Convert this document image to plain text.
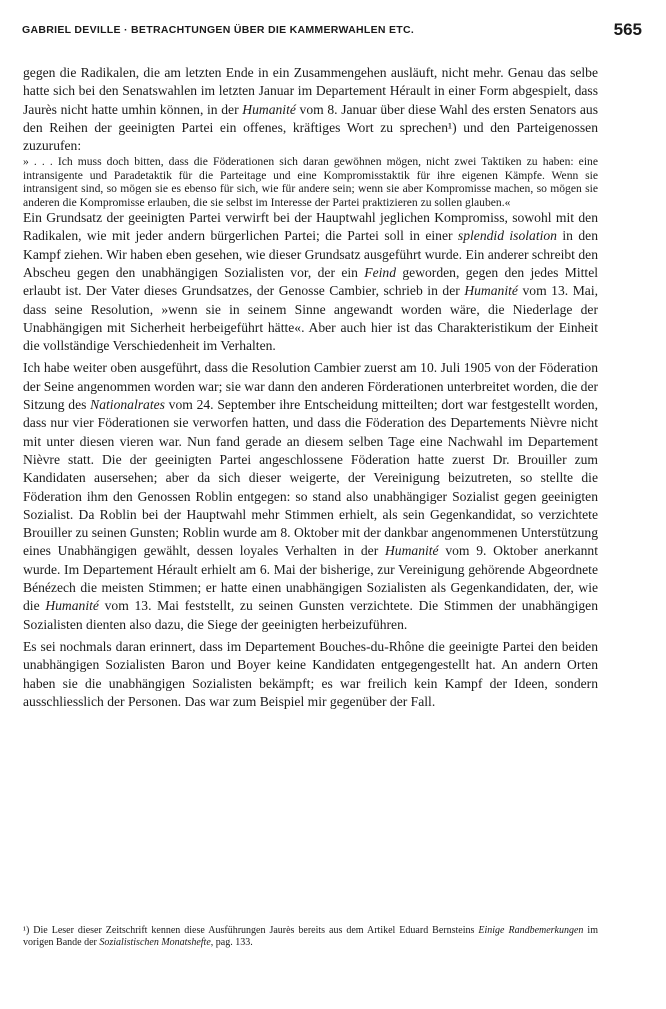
GABRIEL DEVILLE · BETRACHTUNGEN ÜBER DIE KAMMERWAHLEN ETC.	565

gegen die Radikalen, die am letzten Ende in ein Zusammengehen ausläuft, nicht mehr. Genau das selbe hatte sich bei den Senatswahlen im letzten Januar im Departement Hérault in einer Form abgespielt, dass Jaurès nicht hatte umhin können, in der Humanité vom 8. Januar über diese Wahl des ersten Senators aus den Reihen der geeinigten Partei ein offenes, kräftiges Wort zu sprechen¹) und den Parteigenossen zuzurufen:

» . . . Ich muss doch bitten, dass die Föderationen sich daran gewöhnen mögen, nicht zwei Taktiken zu haben: eine intransigente und Paradetaktik für die Parteitage und eine Kompromisstaktik für ihre eigenen Kämpfe. Wenn sie intransigent sind, so mögen sie es ebenso für sich, wie für andere sein; wenn sie aber Kompromisse machen, so mögen sie anderen die Kompromisse erlauben, die sie selbst im Interesse der Partei praktizieren zu sollen glauben.«

Ein Grundsatz der geeinigten Partei verwirft bei der Hauptwahl jeglichen Kompromiss, sowohl mit den Radikalen, wie mit jeder andern bürgerlichen Partei; die Partei soll in einer splendid isolation in den Kampf ziehen. Wir haben eben gesehen, wie dieser Grundsatz ausgeführt wurde. Ein anderer schreibt den Abscheu gegen den unabhängigen Sozialisten vor, der ein Feind geworden, gegen den jedes Mittel erlaubt ist. Der Vater dieses Grundsatzes, der Genosse Cambier, schrieb in der Humanité vom 13. Mai, dass seine Resolution, »wenn sie in seinem Sinne angewandt worden wäre, die Niederlage der Unabhängigen mit Sicherheit herbeigeführt hätte«. Aber auch hier ist das Charakteristikum der Einheit die vollständige Verschiedenheit im Verhalten.

Ich habe weiter oben ausgeführt, dass die Resolution Cambier zuerst am 10. Juli 1905 von der Föderation der Seine angenommen worden war; sie war dann den anderen Förderationen unterbreitet worden, die der Sitzung des Nationalrates vom 24. September ihre Entscheidung mitteilten; dort war festgestellt worden, dass nur vier Föderationen sie verworfen hatten, und dass die Föderation des Departements Nièvre nicht mit unter diesen vieren war. Nun fand gerade an diesem selben Tage eine Nachwahl im Departement Nièvre statt. Die der geeinigten Partei angeschlossene Föderation hatte zuerst Dr. Brouiller zum Kandidaten ausersehen; aber da sich dieser weigerte, der Vereinigung beizutreten, so stellte die Föderation ihm den Genossen Roblin entgegen: so stand also unabhängiger Sozialist gegen geeinigten Sozialist. Da Roblin bei der Hauptwahl mehr Stimmen erhielt, als sein Gegenkandidat, so verzichtete Brouiller zu seinen Gunsten; Roblin wurde am 8. Oktober mit der dankbar angenommenen Unterstützung eines Unabhängigen gewählt, dessen loyales Verhalten in der Humanité vom 9. Oktober anerkannt wurde. Im Departement Hérault erhielt am 6. Mai der bisherige, zur Vereinigung gehörende Abgeordnete Bénézech die meisten Stimmen; er hatte einen unabhängigen Sozialisten als Gegenkandidaten, der, wie die Humanité vom 13. Mai feststellt, zu seinen Gunsten verzichtete. Die Stimmen der unabhängigen Sozialisten dienten also dazu, die Siege der geeinigten herbeizuführen.

Es sei nochmals daran erinnert, dass im Departement Bouches-du-Rhône die geeinigte Partei den beiden unabhängigen Sozialisten Baron und Boyer keine Kandidaten entgegengestellt hat. An andern Orten haben sie die unabhängigen Sozialisten bekämpft; es war freilich kein Kampf der Ideen, sondern ausschliesslich der Personen. Das war zum Beispiel mir gegenüber der Fall.

¹) Die Leser dieser Zeitschrift kennen diese Ausführungen Jaurès bereits aus dem Artikel Eduard Bernsteins Einige Randbemerkungen im vorigen Bande der Sozialistischen Monatshefte, pag. 133.
